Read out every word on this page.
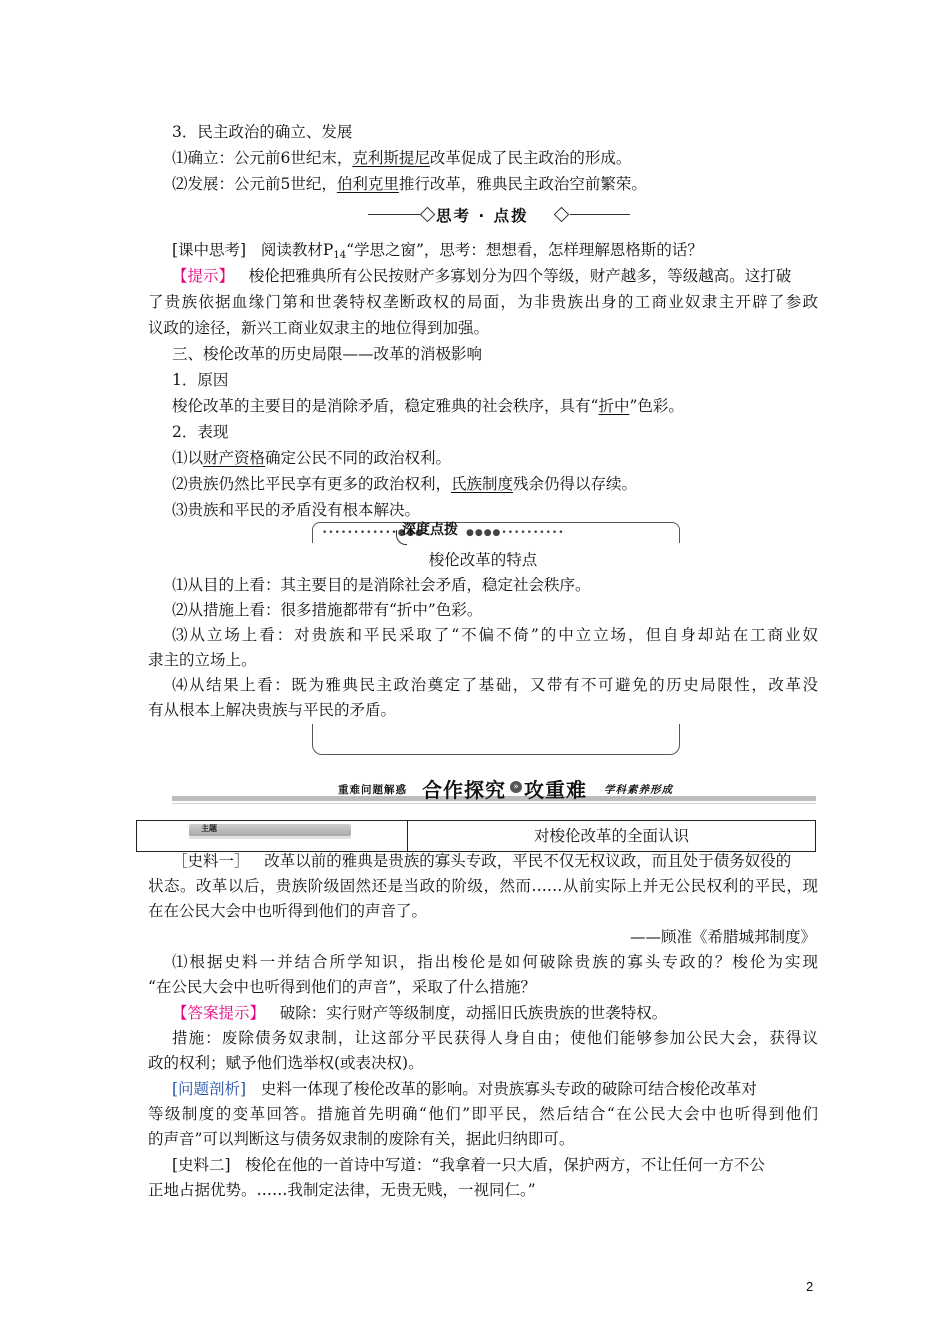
3．民主政治的确立、发展
⑴确立：公元前6世纪末，克利斯提尼改革促成了民主政治的形成。
⑵发展：公元前5世纪，伯利克里推行改革，雅典民主政治空前繁荣。
思考 · 点拨
[课中思考] 阅读教材$P_{14}“$学思之窗”，思考：想想看，怎样理解恩格斯的话？
【提示】 梭伦把雅典所有公民按财产多寡划分为四个等级，财产越多，等级越高。这打破
了贵族依据血缘门第和世袭特权垄断政权的局面，为非贵族出身的工商业奴隶主开辟了参政
议政的途径，新兴工商业奴隶主的地位得到加强。
三、梭伦改革的历史局限——改革的消极影响
1．原因
梭伦改革的主要目的是消除矛盾，稳定雅典的社会秩序，具有“折中”色彩。
2．表现
⑴以财产资格确定公民不同的政治权利。
⑵贵族仍然比平民享有更多的政治权利，氏族制度残余仍得以存续。
⑶贵族和平民的矛盾没有根本解决。
••••••••••••●●●
深度点拨 ●●●●••••••••••
梭伦改革的特点
⑴从目的上看：其主要目的是消除社会矛盾，稳定社会秩序。
⑵从措施上看：很多措施都带有“折中”色彩。
⑶从立场上看：对贵族和平民采取了“不偏不倚”的中立立场，但自身却站在工商业奴
隶主的立场上。
⑷从结果上看：既为雅典民主政治奠定了基础，又带有不可避免的历史局限性，改革没
有从根本上解决贵族与平民的矛盾。
重难问题解惑 合作探究 » 攻重难 学科素养形成
主题	对梭伦改革的全面认识
［史料一］ 改革以前的雅典是贵族的寡头专政，平民不仅无权议政，而且处于债务奴役的
状态。改革以后，贵族阶级固然还是当政的阶级，然而……从前实际上并无公民权利的平民，现
在在公民大会中也听得到他们的声音了。
——顾准《希腊城邦制度》
⑴根据史料一并结合所学知识，指出梭伦是如何破除贵族的寡头专政的？梭伦为实现
“在公民大会中也听得到他们的声音”，采取了什么措施？
【答案提示】 破除：实行财产等级制度，动摇旧氏族贵族的世袭特权。
措施：废除债务奴隶制，让这部分平民获得人身自由；使他们能够参加公民大会，获得议
政的权利；赋予他们选举权(或表决权)。
[问题剖析] 史料一体现了梭伦改革的影响。对贵族寡头专政的破除可结合梭伦改革对
等级制度的变革回答。措施首先明确“他们”即平民，然后结合“在公民大会中也听得到他们
的声音”可以判断这与债务奴隶制的废除有关，据此归纳即可。
[史料二] 梭伦在他的一首诗中写道：“我拿着一只大盾，保护两方，不让任何一方不公
正地占据优势。……我制定法律，无贵无贱，一视同仁。”
2
